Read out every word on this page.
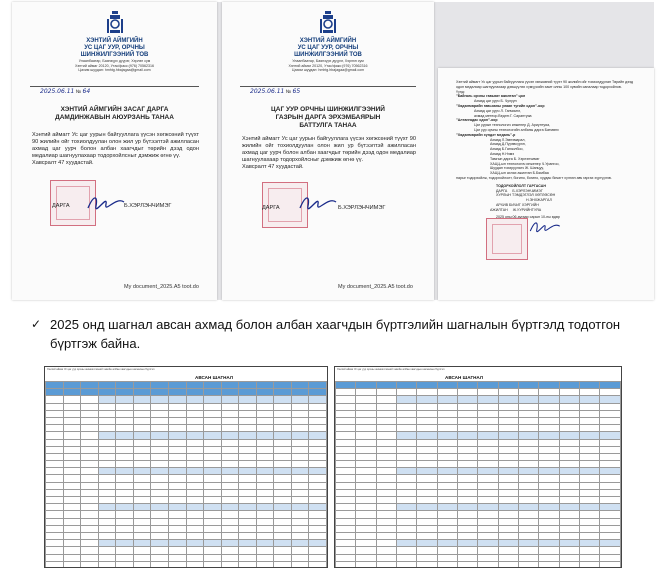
ХЭНТИЙ АЙМГИЙН
УС ЦАГ УУР, ОРЧНЫ
ШИНЖИЛГЭЭНИЙ ТОВ
Улаанбаатар, Баянзүрх дүүрэг, Хэрлэн сум
Хэнтий аймаг 20120, Утас/факс:(976) 70562316
Цахим шуудан: hmhtg.hbajagaa@gmail.com
2025.06.11 № 64
ХЭНТИЙ АЙМГИЙН ЗАСАГ ДАРГА
ДАМДИНЖАВЫН АЮУРЗАНЬ ТАНАА
Хэнтий аймагт Ус цаг уурын байгууллага үүсэн хөгжсөний түүхт 90 жилийн ойг тохиолдуулан олон жил ур бүтээлтэй ажилласан ахмад цаг уурч болон албан хаагчдыг төрийн дээд одон медалиар шагнуулахаар тодорхойлсныг дэмжиж өгнө үү.
Хавсралт 47 хуудастай.
ДАРГА	Б.ХЭРЛЭНЧИМЭГ
My document_2025.A5 toot.do
ХЭНТИЙ АЙМГИЙН
УС ЦАГ УУР, ОРЧНЫ
ШИНЖИЛГЭЭНИЙ ТОВ
Улаанбаатар, Баянзүрх дүүрэг, Хэрлэн сум
Хэнтий аймаг 20120, Утас/факс:(976) 70562316
Цахим шуудан: hmhtg.hbajagaa@gmail.com
2025.06.11 № 65
ЦАГ УУР ОРЧНЫ ШИНЖИЛГЭЭНИЙ
ГАЗРЫН ДАРГА ЭРХЭМБАЯРЫН
БАТТУЛГА ТАНАА
Хэнтий аймагт Ус цаг уурын байгууллага үүсэн хөгжсөний түүхт 90 жилийн ойг тохиолдуулан олон жил ур бүтээлтэй ажилласан ахмад цаг уурч болон албан хаагчдыг төрийн дээд одон медалиар шагнуулахаар тодорхойлсныг дэмжиж өгнө үү.
Хавсралт 47 хуудастай.
ДАРГА	Б.ХЭРЛЭНЧИМЭГ
My document_2025.A5 toot.do
Хэнтий аймагт Ус цаг уурын байгууллага үүсэн хөгжсөний түүхт 90 жилийн ойг тохиолдуулан Төрийн дээд одон медалиар шагнуулахаар дэвшүүлэх хүмүүсийн хамт олны 100 хувийн саналаар тодорхойлов.
Үүнд:
"Байгаль орчны гавьяат ажилтан" цол
Ахмад цаг уурч Б. Чулуун
"Хөдөлмөрийн гавьяаны улаан тугийн одон"-оор
Ахмад цаг уурч Л. Ганчимэг,
ахмад метеор.Ведэтг.Г. Сарантуяа
"Алтангадас одон"-оор
Цаг уурын технологич инженер Д. Ариунтуяа,
Цаг уур орчны технологийн албаны дарга Батмөнх
"Хөдөлмөрийн хүндэт медаль"-р
Ахмад Л.Эмнэмарал,
Ахмад Д.Пүрэвсүрэн,
Ахмад Б.Ганзолбоо,
Ахмад Н.Нэмэ
Тамгын дарга Б. Хэрлэнчимэг
ХАЦЦ-ын технологич инженер Ч.Урангоо,
Шуудан тохируулагч Ж. Шанцуу,
ХАЦЦ-ын ахлах ажилтан Б.Бямбаа
нарыг тодорхойлж, тодорхойлолт, богино, богино, хуудас бичигт хүлээн авч гаргах хүргүүлэв.
ТОДОРХОЙЛОЛТ ГАРГАСАН
ДАРГА Б.ХЭРЛЭНЧИМЭГ
ХУРЛЫН ТЭМДЭГЛЭЛ ХӨТЛӨСӨН
Н.ЭНХЖАРГАЛ
АРХИВ БИЧИГ ХЭРГИЙН
АЖИЛТАН Ж.УУРИЙНТУЯА
2025 оны 06 дугаар сарын 10-ны өдөр
✓ 2025 онд шагнал авсан ахмад болон албан хаагчдын бүртгэлийн шагналын бүртгэлд тодотгон бүртгэж байна.
Хэнтий аймаг Ус цаг уур орчны шинжилгээний төвийн албан хаагчдын шагналын бүртгэл
АВСАН ШАГНАЛ

Хэнтий аймаг Ус цаг уур орчны шинжилгээний төвийн албан хаагчдын шагналын бүртгэл
АВСАН ШАГНАЛ
